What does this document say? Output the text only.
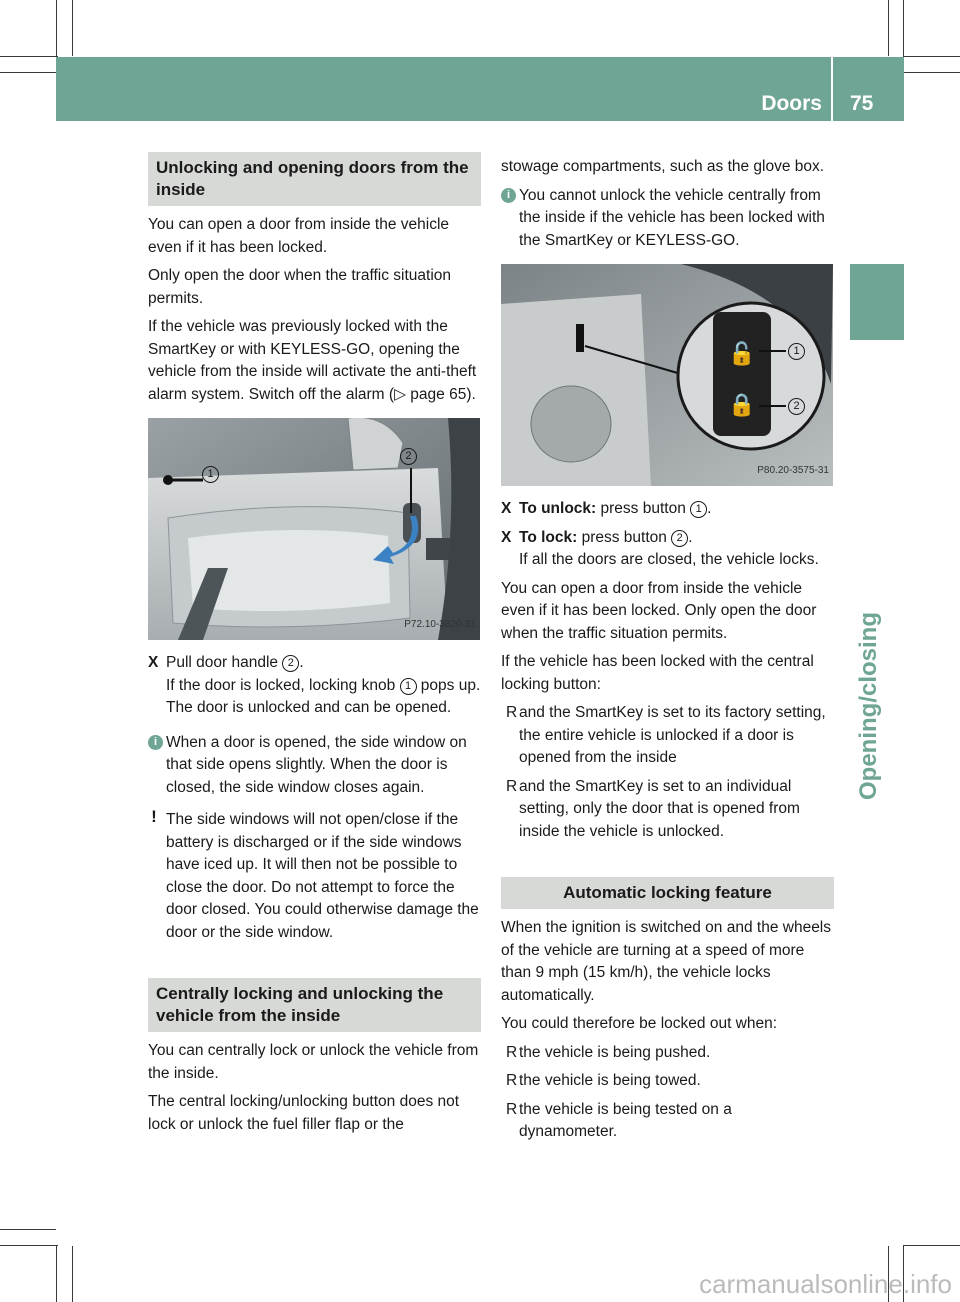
Doors 75
Opening/closing
Unlocking and opening doors from the inside

You can open a door from inside the vehicle even if it has been locked.

Only open the door when the traffic situation permits.

If the vehicle was previously locked with the SmartKey or with KEYLESS-GO, opening the vehicle from the inside will activate the anti-theft alarm system. Switch off the alarm (▷ page 65).

1
2
P72.10-3820-31
X Pull door handle 2 .
If the door is locked, locking knob 1 pops up. The door is unlocked and can be opened.
i When a door is opened, the side window on that side opens slightly. When the door is closed, the side window closes again.
! The side windows will not open/close if the battery is discharged or if the side windows have iced up. It will then not be possible to close the door. Do not attempt to force the door closed. You could otherwise damage the door or the side window.
Centrally locking and unlocking the vehicle from the inside

You can centrally lock or unlock the vehicle from the inside.

The central locking/unlocking button does not lock or unlock the fuel filler flap or the

stowage compartments, such as the glove box.

i You cannot unlock the vehicle centrally from the inside if the vehicle has been locked with the SmartKey or KEYLESS-GO.
🔓
🔒
1
2
P80.20-3575-31
X To unlock: press button 1 .
X To lock: press button 2 .
If all the doors are closed, the vehicle locks.

You can open a door from inside the vehicle even if it has been locked. Only open the door when the traffic situation permits.

If the vehicle has been locked with the central locking button:

R and the SmartKey is set to its factory setting, the entire vehicle is unlocked if a door is opened from the inside
R and the SmartKey is set to an individual setting, only the door that is opened from inside the vehicle is unlocked.
Automatic locking feature

When the ignition is switched on and the wheels of the vehicle are turning at a speed of more than 9 mph (15 km/h), the vehicle locks automatically.

You could therefore be locked out when:

R the vehicle is being pushed.
R the vehicle is being towed.
R the vehicle is being tested on a dynamometer.
carmanualsonline.info
